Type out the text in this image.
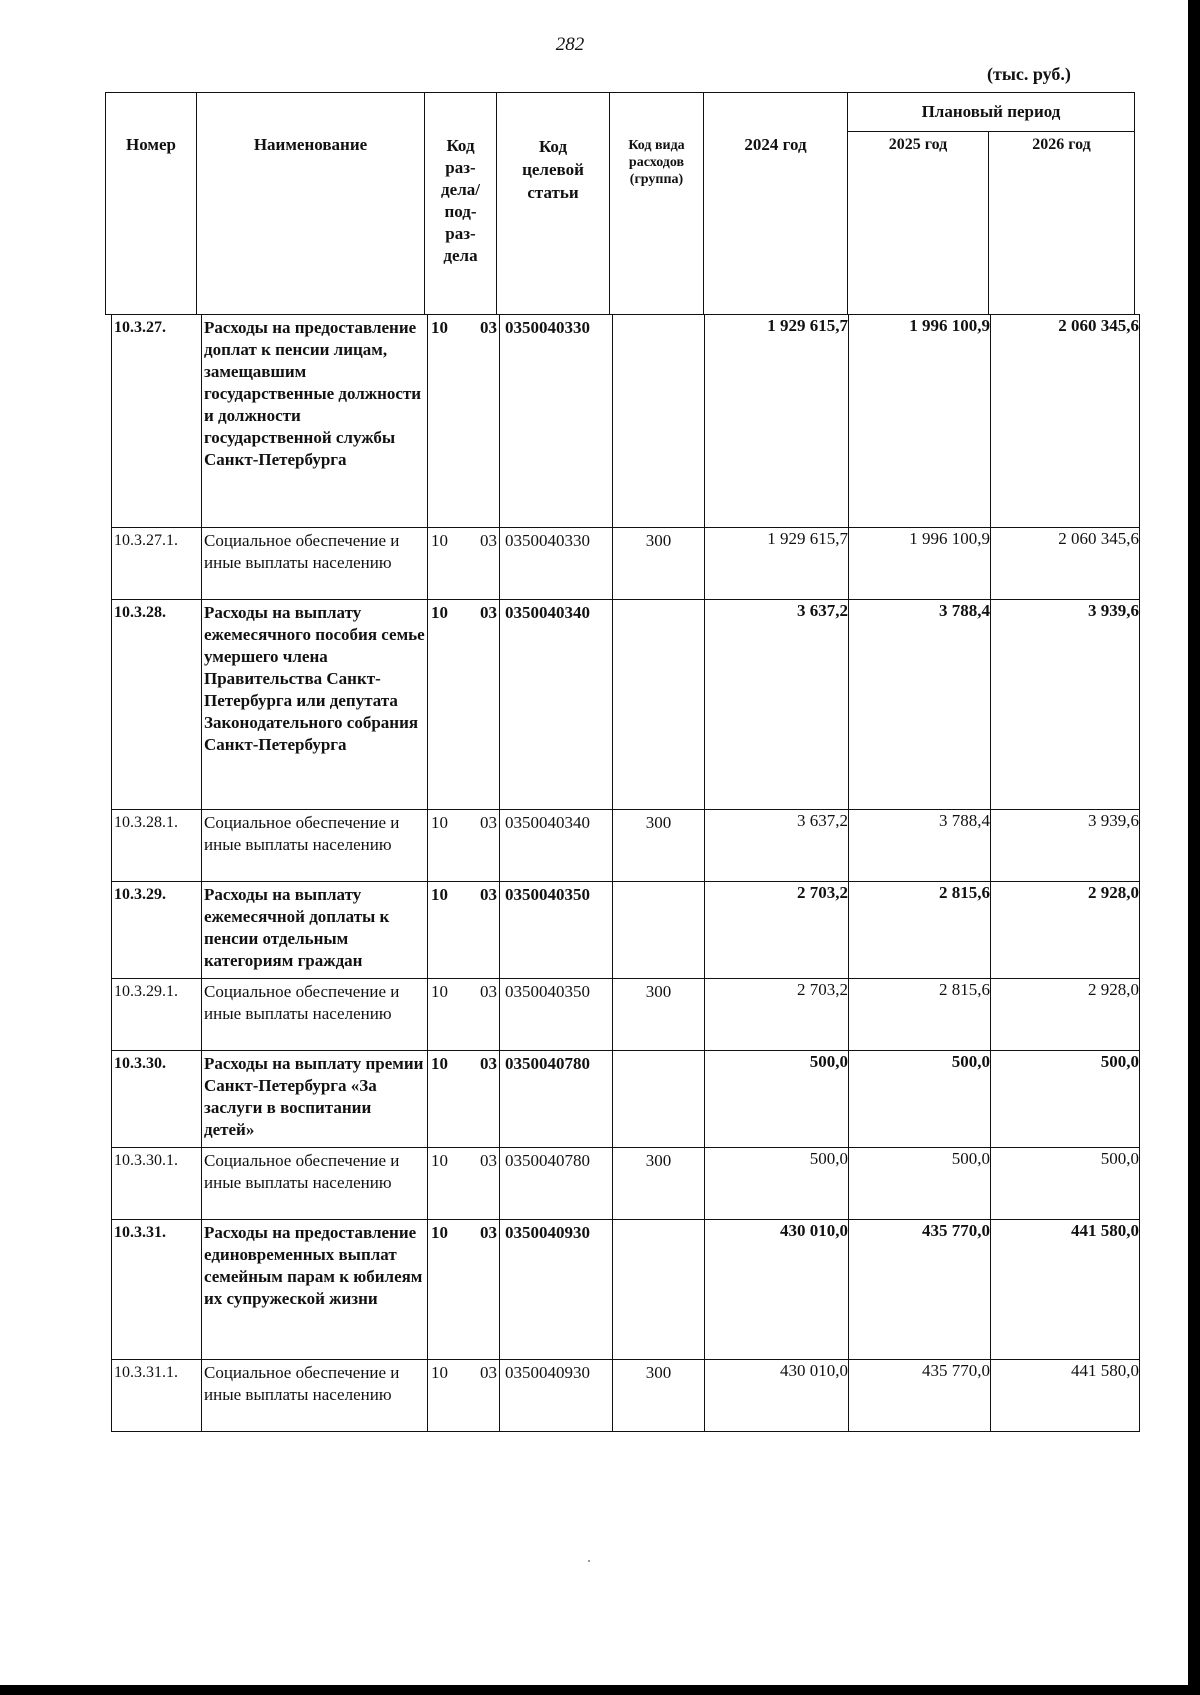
282
(тыс. руб.)
Номер	Наименование	Код раз- дела/ под- раз- дела	Код целевой статьи	Код вида расходов (группа)	2024 год	Плановый период	
						2025 год	2026 год
10.3.27.	Расходы на предоставление доплат к пенсии лицам, замещавшим государственные должности и должности государственной службы Санкт-Петербурга	10 03	0350040330		1 929 615,7	1 996 100,9	2 060 345,6
10.3.27.1.	Социальное обеспечение и иные выплаты населению	10 03	0350040330	300	1 929 615,7	1 996 100,9	2 060 345,6
10.3.28.	Расходы на выплату ежемесячного пособия семье умершего члена Правительства Санкт-Петербурга или депутата Законодательного собрания Санкт-Петербурга	10 03	0350040340		3 637,2	3 788,4	3 939,6
10.3.28.1.	Социальное обеспечение и иные выплаты населению	10 03	0350040340	300	3 637,2	3 788,4	3 939,6
10.3.29.	Расходы на выплату ежемесячной доплаты к пенсии отдельным категориям граждан	10 03	0350040350		2 703,2	2 815,6	2 928,0
10.3.29.1.	Социальное обеспечение и иные выплаты населению	10 03	0350040350	300	2 703,2	2 815,6	2 928,0
10.3.30.	Расходы на выплату премии Санкт-Петербурга «За заслуги в воспитании детей»	10 03	0350040780		500,0	500,0	500,0
10.3.30.1.	Социальное обеспечение и иные выплаты населению	10 03	0350040780	300	500,0	500,0	500,0
10.3.31.	Расходы на предоставление единовременных выплат семейным парам к юбилеям их супружеской жизни	10 03	0350040930		430 010,0	435 770,0	441 580,0
10.3.31.1.	Социальное обеспечение и иные выплаты населению	10 03	0350040930	300	430 010,0	435 770,0	441 580,0
